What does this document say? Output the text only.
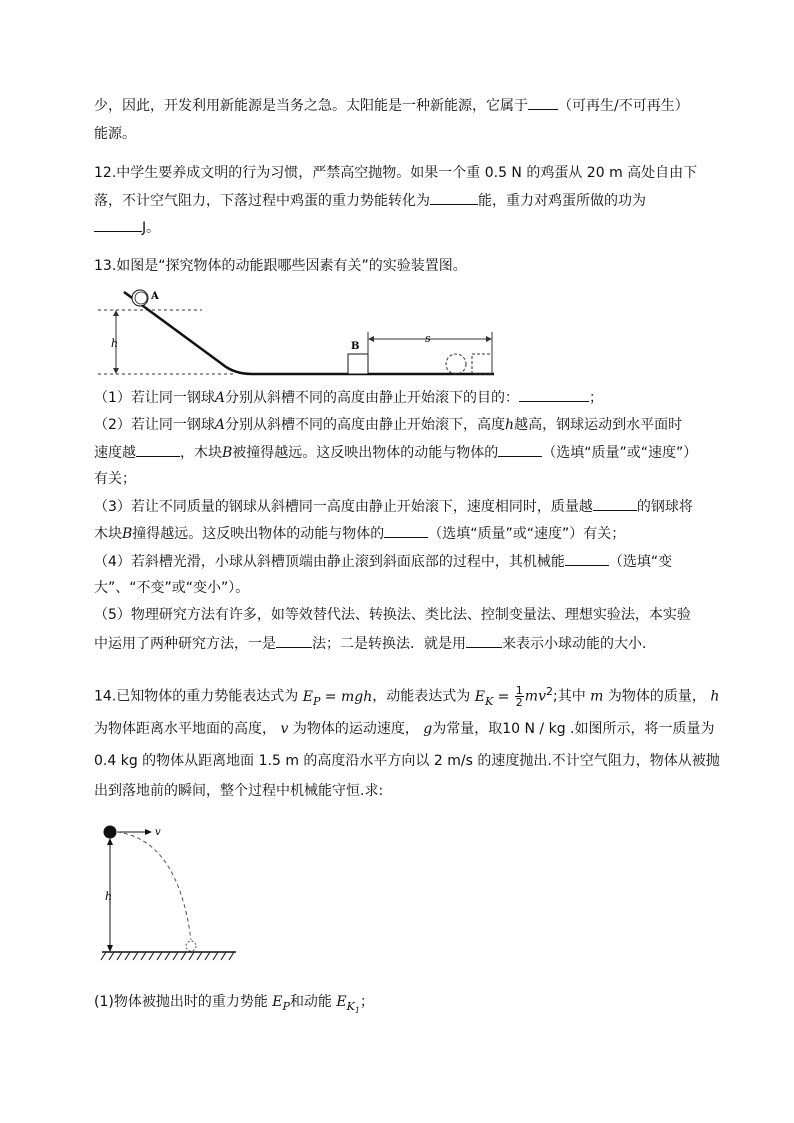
少，因此，开发利用新能源是当务之急。太阳能是一种新能源，它属于 （可再生/不可再生）
能源。
12.中学生要养成文明的行为习惯，严禁高空抛物。如果一个重 0.5 N 的鸡蛋从 20 m 高处自由下
落，不计空气阻力，下落过程中鸡蛋的重力势能转化为	能，重力对鸡蛋所做的功为
J。
13.如图是“探究物体的动能跟哪些因素有关”的实验装置图。
h
A
B
s
（1）若让同一钢球A分别从斜槽不同的高度由静止开始滚下的目的：	；
（2）若让同一钢球A分别从斜槽不同的高度由静止开始滚下，高度h越高，钢球运动到水平面时
速度越	，木块B被撞得越远。这反映出物体的动能与物体的	（选填“质量”或“速度”）
有关；
（3）若让不同质量的钢球从斜槽同一高度由静止开始滚下，速度相同时，质量越	的钢球将
木块B撞得越远。这反映出物体的动能与物体的	（选填“质量”或“速度”）有关；
（4）若斜槽光滑，小球从斜槽顶端由静止滚到斜面底部的过程中，其机械能	（选填“变
大”、“不变”或“变小”）。
（5）物理研究方法有许多，如等效替代法、转换法、类比法、控制变量法、理想实验法，本实验
中运用了两种研究方法，一是	法；二是转换法．就是用	来表示小球动能的大小．
14.已知物体的重力势能表达式为 $E_P$ = mgh，动能表达式为 $E_K = \frac{1}{2} mv^2$;其中 m 为物体的质量， h
为物体距离水平地面的高度， v 为物体的运动速度， g为常量，取10 N / kg .如图所示，将一质量为
0.4 kg 的物体从距离地面 1.5 m 的高度沿水平方向以 2 m/s 的速度抛出.不计空气阻力，物体从被抛
出到落地前的瞬间，整个过程中机械能守恒.求:
v
h
(1)物体被抛出时的重力势能 $E_P$和动能 $E_{K_1}$；
